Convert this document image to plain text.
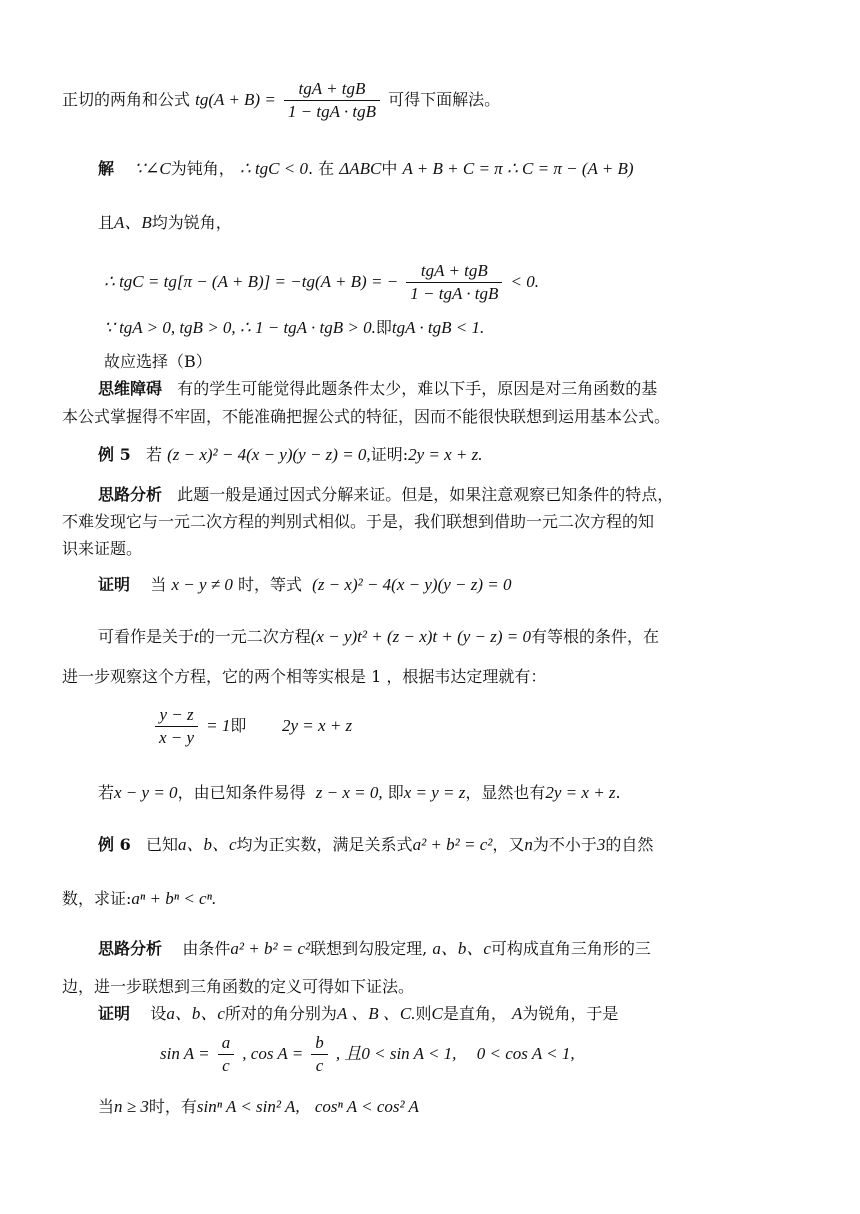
正切的两角和公式 $tg(A + B) = \frac{\text{tgA + tgB}}{\text{1 − tgA · tgB}}$ 可得下面解法。
解 ∵∠C为钝角， ∴ tgC < 0. 在 ΔABC中 A + B + C = π ∴ C = π − (A + B)
且A、B均为锐角，
∴ tgC = tg[π − (A + B)] = −tg(A + B) = − $\frac{\text{tgA + tgB}}{\text{1 − tgA · tgB}} < 0$.
∵ tgA > 0, tgB > 0, ∴ 1 − tgA · tgB > 0.即tgA · tgB < 1.
故应选择（B）
思维障碍 有的学生可能觉得此题条件太少，难以下手，原因是对三角函数的基
本公式掌握得不牢固，不能准确把握公式的特征，因而不能很快联想到运用基本公式。
例 5 若 (z − x)² − 4(x − y)(y − z) = 0,证明:2y = x + z.
思路分析 此题一般是通过因式分解来证。但是，如果注意观察已知条件的特点，
不难发现它与一元二次方程的判别式相似。于是，我们联想到借助一元二次方程的知
识来证题。
证明 当 x − y ≠ 0 时，等式 (z − x)² − 4(x − y)(y − z) = 0
可看作是关于t的一元二次方程(x − y)t² + (z − x)t + (y − z) = 0有等根的条件，在
进一步观察这个方程，它的两个相等实根是 1 ，根据韦达定理就有：
$\frac{y - z}{x - y} = 1$即 2y = x + z
若x − y = 0，由已知条件易得 z − x = 0, 即x = y = z，显然也有2y = x + z.
例 6 已知a、b、c均为正实数，满足关系式a² + b² = c²，又n为不小于3的自然
数，求证:aⁿ + bⁿ < cⁿ.
思路分析 由条件a² + b² = c²联想到勾股定理, a、b、c可构成直角三角形的三
边，进一步联想到三角函数的定义可得如下证法。
证明 设a、b、c所对的角分别为A 、B 、C.则C是直角， A为锐角，于是
$\sin A = \frac{a}{c}$ , $\cos A = \frac{b}{c}$ , 且0 < sin A < 1, 0 < cos A < 1,
当n ≥ 3时，有sinⁿ A < sin² A, cosⁿ A < cos² A
